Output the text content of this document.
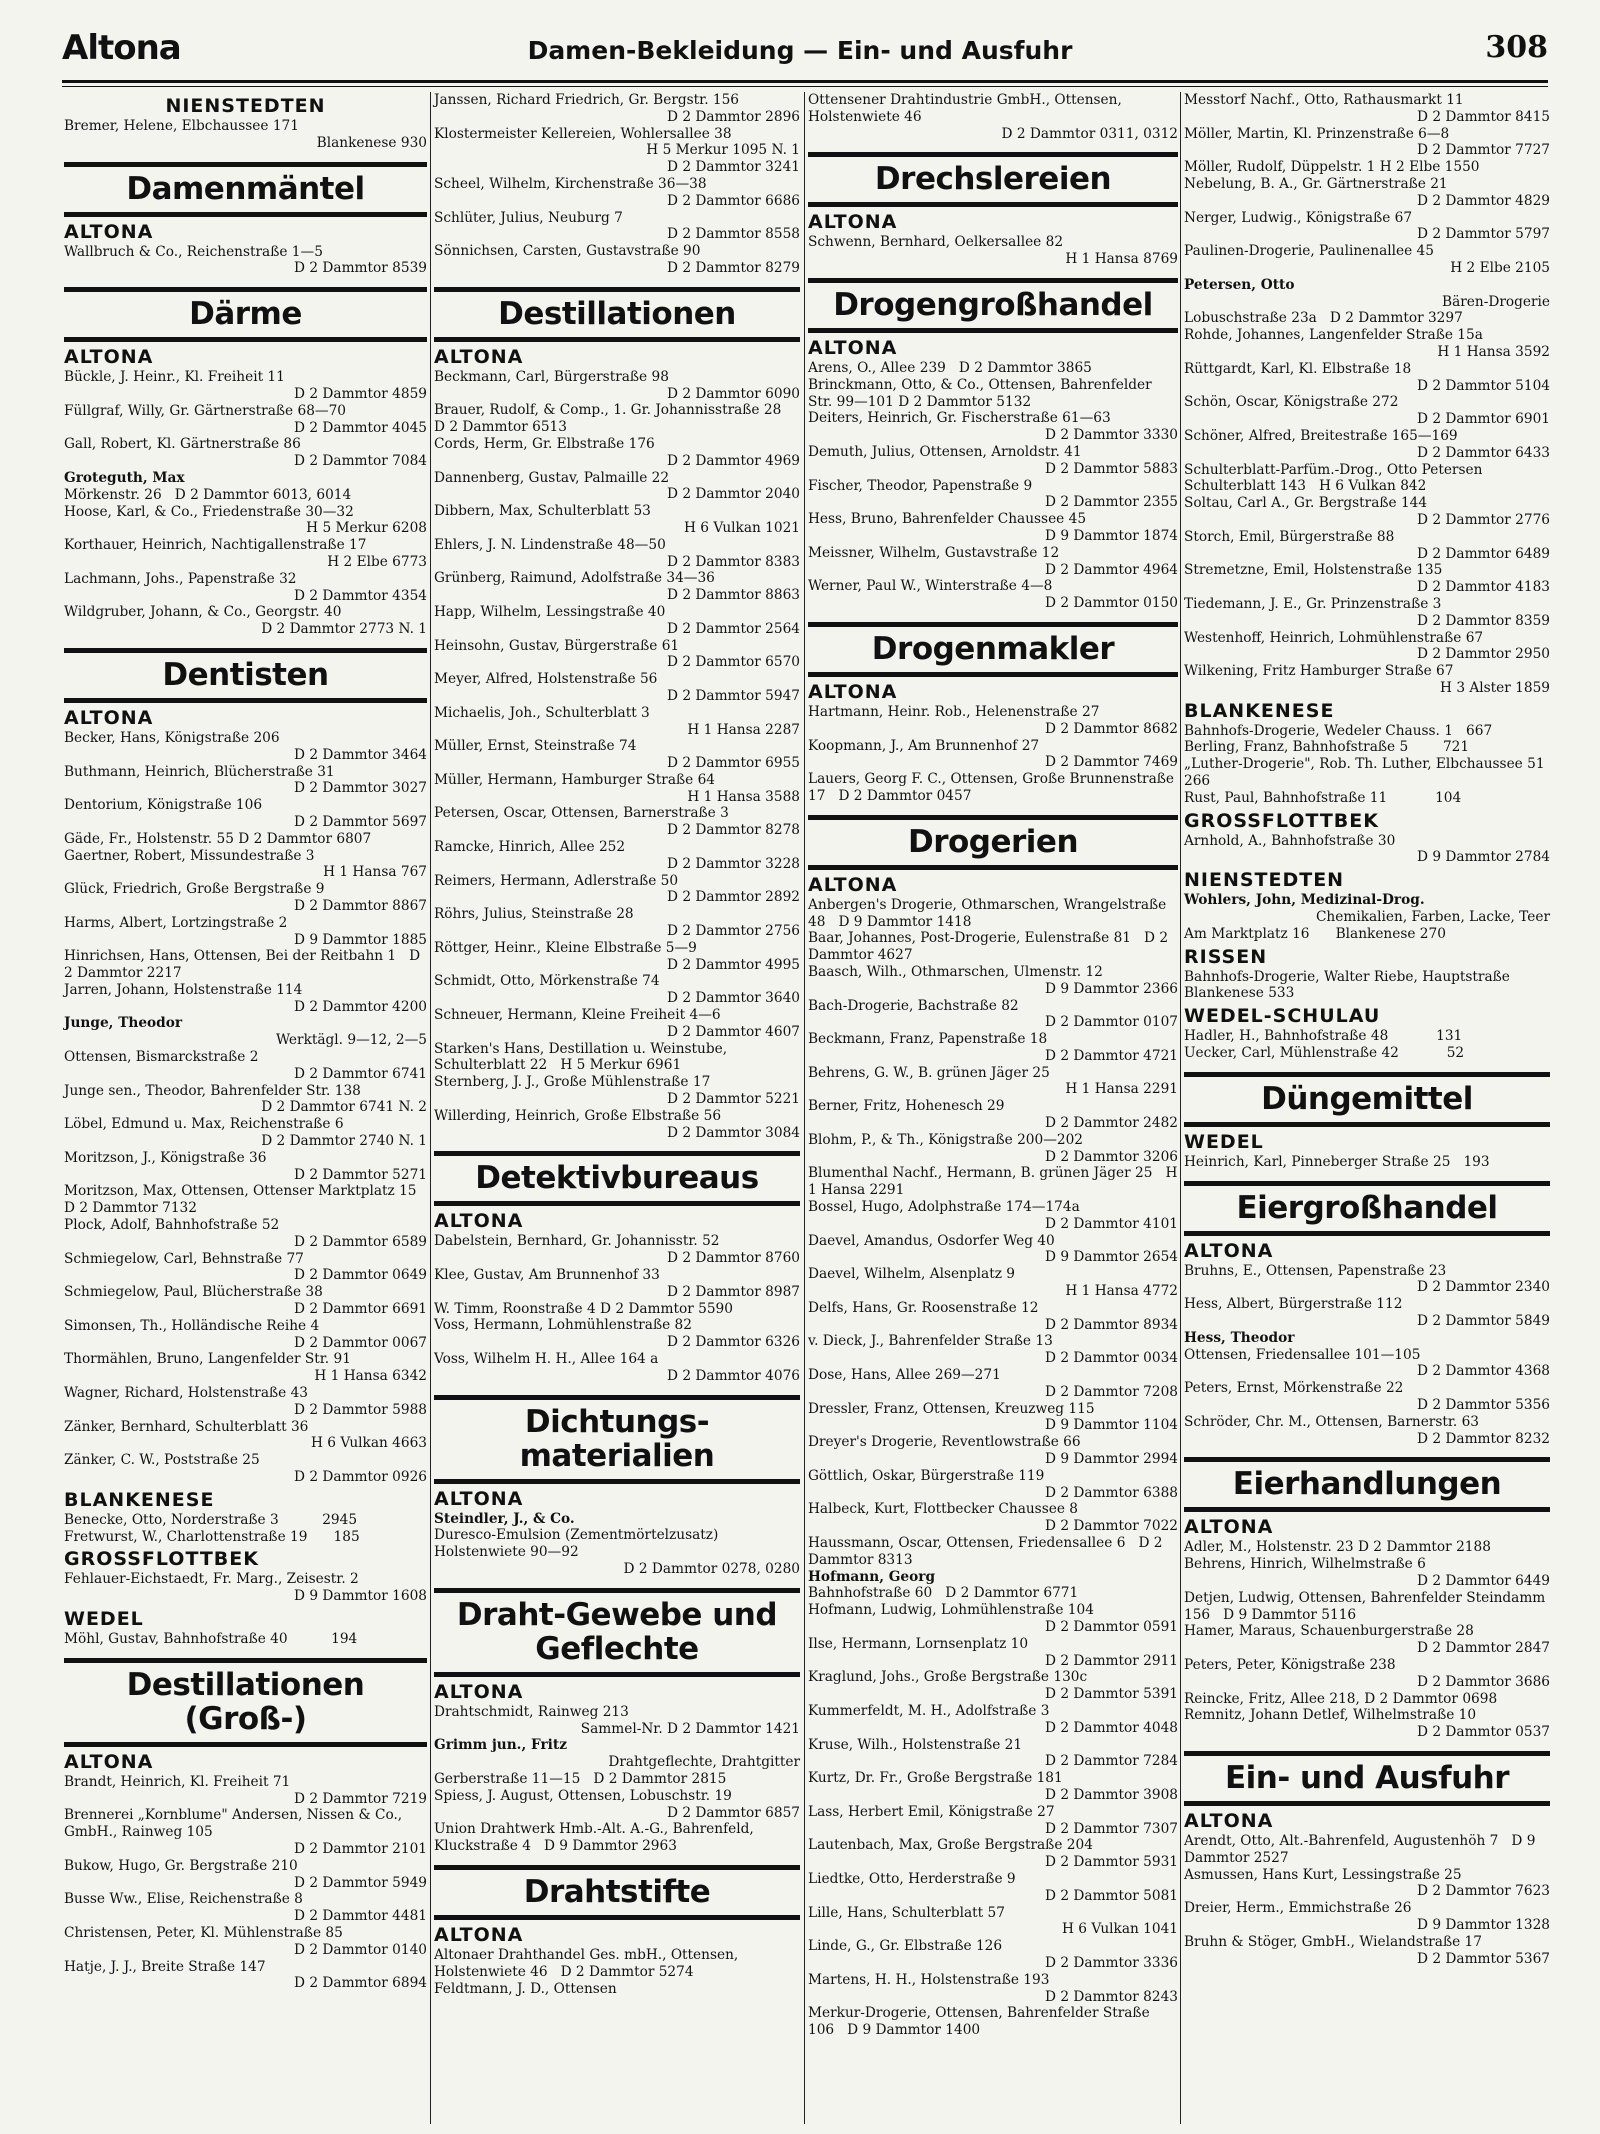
Altona	Damen-Bekleidung — Ein- und Ausfuhr	308
NIENSTEDTEN
Bremer, Helene, Elbchaussee 171
Blankenese 930
Damenmäntel
ALTONA
Wallbruch & Co., Reichenstraße 1—5
D 2 Dammtor 8539
Därme
ALTONA
Bückle, J. Heinr., Kl. Freiheit 11
D 2 Dammtor 4859
Füllgraf, Willy, Gr. Gärtnerstraße 68—70
D 2 Dammtor 4045
Gall, Robert, Kl. Gärtnerstraße 86
D 2 Dammtor 7084
Groteguth, Max
Mörkenstr. 26   D 2 Dammtor 6013, 6014
Hoose, Karl, & Co., Friedenstraße 30—32
H 5 Merkur 6208
Korthauer, Heinrich, Nachtigallenstraße 17
H 2 Elbe 6773
Lachmann, Johs., Papenstraße 32
D 2 Dammtor 4354
Wildgruber, Johann, & Co., Georgstr. 40
D 2 Dammtor 2773 N. 1
Dentisten
ALTONA
Becker, Hans, Königstraße 206
D 2 Dammtor 3464
Buthmann, Heinrich, Blücherstraße 31
D 2 Dammtor 3027
Dentorium, Königstraße 106
D 2 Dammtor 5697
Gäde, Fr., Holstenstr. 55 D 2 Dammtor 6807
Gaertner, Robert, Missundestraße 3
H 1 Hansa 767
Glück, Friedrich, Große Bergstraße 9
D 2 Dammtor 8867
Harms, Albert, Lortzingstraße 2
D 9 Dammtor 1885
Hinrichsen, Hans, Ottensen, Bei der Reitbahn 1   D 2 Dammtor 2217
Jarren, Johann, Holstenstraße 114
D 2 Dammtor 4200
Junge, Theodor
Werktägl. 9—12, 2—5
Ottensen, Bismarckstraße 2
D 2 Dammtor 6741
Junge sen., Theodor, Bahrenfelder Str. 138
D 2 Dammtor 6741 N. 2
Löbel, Edmund u. Max, Reichenstraße 6
D 2 Dammtor 2740 N. 1
Moritzson, J., Königstraße 36
D 2 Dammtor 5271
Moritzson, Max, Ottensen, Ottenser Marktplatz 15   D 2 Dammtor 7132
Plock, Adolf, Bahnhofstraße 52
D 2 Dammtor 6589
Schmiegelow, Carl, Behnstraße 77
D 2 Dammtor 0649
Schmiegelow, Paul, Blücherstraße 38
D 2 Dammtor 6691
Simonsen, Th., Holländische Reihe 4
D 2 Dammtor 0067
Thormählen, Bruno, Langenfelder Str. 91
H 1 Hansa 6342
Wagner, Richard, Holstenstraße 43
D 2 Dammtor 5988
Zänker, Bernhard, Schulterblatt 36
H 6 Vulkan 4663
Zänker, C. W., Poststraße 25
D 2 Dammtor 0926
BLANKENESE
Benecke, Otto, Norderstraße 3          2945
Fretwurst, W., Charlottenstraße 19      185
GROSSFLOTTBEK
Fehlauer-Eichstaedt, Fr. Marg., Zeisestr. 2
D 9 Dammtor 1608
WEDEL
Möhl, Gustav, Bahnhofstraße 40          194
Destillationen (Groß-)
ALTONA
Brandt, Heinrich, Kl. Freiheit 71
D 2 Dammtor 7219
Brennerei „Kornblume" Andersen, Nissen & Co., GmbH., Rainweg 105
D 2 Dammtor 2101
Bukow, Hugo, Gr. Bergstraße 210
D 2 Dammtor 5949
Busse Ww., Elise, Reichenstraße 8
D 2 Dammtor 4481
Christensen, Peter, Kl. Mühlenstraße 85
D 2 Dammtor 0140
Hatje, J. J., Breite Straße 147
D 2 Dammtor 6894
Janssen, Richard Friedrich, Gr. Bergstr. 156
D 2 Dammtor 2896
Klostermeister Kellereien, Wohlersallee 38
H 5 Merkur 1095 N. 1
D 2 Dammtor 3241
Scheel, Wilhelm, Kirchenstraße 36—38
D 2 Dammtor 6686
Schlüter, Julius, Neuburg 7
D 2 Dammtor 8558
Sönnichsen, Carsten, Gustavstraße 90
D 2 Dammtor 8279
Destillationen
ALTONA
Beckmann, Carl, Bürgerstraße 98
D 2 Dammtor 6090
Brauer, Rudolf, & Comp., 1. Gr. Johannisstraße 28   D 2 Dammtor 6513
Cords, Herm, Gr. Elbstraße 176
D 2 Dammtor 4969
Dannenberg, Gustav, Palmaille 22
D 2 Dammtor 2040
Dibbern, Max, Schulterblatt 53
H 6 Vulkan 1021
Ehlers, J. N. Lindenstraße 48—50
D 2 Dammtor 8383
Grünberg, Raimund, Adolfstraße 34—36
D 2 Dammtor 8863
Happ, Wilhelm, Lessingstraße 40
D 2 Dammtor 2564
Heinsohn, Gustav, Bürgerstraße 61
D 2 Dammtor 6570
Meyer, Alfred, Holstenstraße 56
D 2 Dammtor 5947
Michaelis, Joh., Schulterblatt 3
H 1 Hansa 2287
Müller, Ernst, Steinstraße 74
D 2 Dammtor 6955
Müller, Hermann, Hamburger Straße 64
H 1 Hansa 3588
Petersen, Oscar, Ottensen, Barnerstraße 3
D 2 Dammtor 8278
Ramcke, Hinrich, Allee 252
D 2 Dammtor 3228
Reimers, Hermann, Adlerstraße 50
D 2 Dammtor 2892
Röhrs, Julius, Steinstraße 28
D 2 Dammtor 2756
Röttger, Heinr., Kleine Elbstraße 5—9
D 2 Dammtor 4995
Schmidt, Otto, Mörkenstraße 74
D 2 Dammtor 3640
Schneuer, Hermann, Kleine Freiheit 4—6
D 2 Dammtor 4607
Starken's Hans, Destillation u. Weinstube, Schulterblatt 22   H 5 Merkur 6961
Sternberg, J. J., Große Mühlenstraße 17
D 2 Dammtor 5221
Willerding, Heinrich, Große Elbstraße 56
D 2 Dammtor 3084
Detektivbureaus
ALTONA
Dabelstein, Bernhard, Gr. Johannisstr. 52
D 2 Dammtor 8760
Klee, Gustav, Am Brunnenhof 33
D 2 Dammtor 8987
W. Timm, Roonstraße 4 D 2 Dammtor 5590
Voss, Hermann, Lohmühlenstraße 82
D 2 Dammtor 6326
Voss, Wilhelm H. H., Allee 164 a
D 2 Dammtor 4076
Dichtungs- materialien
ALTONA
Steindler, J., & Co.
Duresco-Emulsion (Zementmörtelzusatz) Holstenwiete 90—92
D 2 Dammtor 0278, 0280
Draht-Gewebe und Geflechte
ALTONA
Drahtschmidt, Rainweg 213
Sammel-Nr. D 2 Dammtor 1421
Grimm jun., Fritz
Drahtgeflechte, Drahtgitter
Gerberstraße 11—15   D 2 Dammtor 2815
Spiess, J. August, Ottensen, Lobuschstr. 19
D 2 Dammtor 6857
Union Drahtwerk Hmb.-Alt. A.-G., Bahrenfeld, Kluckstraße 4   D 9 Dammtor 2963
Drahtstifte
ALTONA
Altonaer Drahthandel Ges. mbH., Ottensen, Holstenwiete 46   D 2 Dammtor 5274
Feldtmann, J. D., Ottensen
Ottensener Drahtindustrie GmbH., Ottensen, Holstenwiete 46
D 2 Dammtor 0311, 0312
Drechslereien
ALTONA
Schwenn, Bernhard, Oelkersallee 82
H 1 Hansa 8769
Drogengroßhandel
ALTONA
Arens, O., Allee 239   D 2 Dammtor 3865
Brinckmann, Otto, & Co., Ottensen, Bahrenfelder Str. 99—101 D 2 Dammtor 5132
Deiters, Heinrich, Gr. Fischerstraße 61—63
D 2 Dammtor 3330
Demuth, Julius, Ottensen, Arnoldstr. 41
D 2 Dammtor 5883
Fischer, Theodor, Papenstraße 9
D 2 Dammtor 2355
Hess, Bruno, Bahrenfelder Chaussee 45
D 9 Dammtor 1874
Meissner, Wilhelm, Gustavstraße 12
D 2 Dammtor 4964
Werner, Paul W., Winterstraße 4—8
D 2 Dammtor 0150
Drogenmakler
ALTONA
Hartmann, Heinr. Rob., Helenenstraße 27
D 2 Dammtor 8682
Koopmann, J., Am Brunnenhof 27
D 2 Dammtor 7469
Lauers, Georg F. C., Ottensen, Große Brunnenstraße 17   D 2 Dammtor 0457
Drogerien
ALTONA
Anbergen's Drogerie, Othmarschen, Wrangelstraße 48   D 9 Dammtor 1418
Baar, Johannes, Post-Drogerie, Eulenstraße 81   D 2 Dammtor 4627
Baasch, Wilh., Othmarschen, Ulmenstr. 12
D 9 Dammtor 2366
Bach-Drogerie, Bachstraße 82
D 2 Dammtor 0107
Beckmann, Franz, Papenstraße 18
D 2 Dammtor 4721
Behrens, G. W., B. grünen Jäger 25
H 1 Hansa 2291
Berner, Fritz, Hohenesch 29
D 2 Dammtor 2482
Blohm, P., & Th., Königstraße 200—202
D 2 Dammtor 3206
Blumenthal Nachf., Hermann, B. grünen Jäger 25   H 1 Hansa 2291
Bossel, Hugo, Adolphstraße 174—174a
D 2 Dammtor 4101
Daevel, Amandus, Osdorfer Weg 40
D 9 Dammtor 2654
Daevel, Wilhelm, Alsenplatz 9
H 1 Hansa 4772
Delfs, Hans, Gr. Roosenstraße 12
D 2 Dammtor 8934
v. Dieck, J., Bahrenfelder Straße 13
D 2 Dammtor 0034
Dose, Hans, Allee 269—271
D 2 Dammtor 7208
Dressler, Franz, Ottensen, Kreuzweg 115
D 9 Dammtor 1104
Dreyer's Drogerie, Reventlowstraße 66
D 9 Dammtor 2994
Göttlich, Oskar, Bürgerstraße 119
D 2 Dammtor 6388
Halbeck, Kurt, Flottbecker Chaussee 8
D 2 Dammtor 7022
Haussmann, Oscar, Ottensen, Friedensallee 6   D 2 Dammtor 8313
Hofmann, Georg
Bahnhofstraße 60   D 2 Dammtor 6771
Hofmann, Ludwig, Lohmühlenstraße 104
D 2 Dammtor 0591
Ilse, Hermann, Lornsenplatz 10
D 2 Dammtor 2911
Kraglund, Johs., Große Bergstraße 130c
D 2 Dammtor 5391
Kummerfeldt, M. H., Adolfstraße 3
D 2 Dammtor 4048
Kruse, Wilh., Holstenstraße 21
D 2 Dammtor 7284
Kurtz, Dr. Fr., Große Bergstraße 181
D 2 Dammtor 3908
Lass, Herbert Emil, Königstraße 27
D 2 Dammtor 7307
Lautenbach, Max, Große Bergstraße 204
D 2 Dammtor 5931
Liedtke, Otto, Herderstraße 9
D 2 Dammtor 5081
Lille, Hans, Schulterblatt 57
H 6 Vulkan 1041
Linde, G., Gr. Elbstraße 126
D 2 Dammtor 3336
Martens, H. H., Holstenstraße 193
D 2 Dammtor 8243
Merkur-Drogerie, Ottensen, Bahrenfelder Straße 106   D 9 Dammtor 1400
Messtorf Nachf., Otto, Rathausmarkt 11
D 2 Dammtor 8415
Möller, Martin, Kl. Prinzenstraße 6—8
D 2 Dammtor 7727
Möller, Rudolf, Düppelstr. 1 H 2 Elbe 1550
Nebelung, B. A., Gr. Gärtnerstraße 21
D 2 Dammtor 4829
Nerger, Ludwig., Königstraße 67
D 2 Dammtor 5797
Paulinen-Drogerie, Paulinenallee 45
H 2 Elbe 2105
Petersen, Otto
Bären-Drogerie
Lobuschstraße 23a   D 2 Dammtor 3297
Rohde, Johannes, Langenfelder Straße 15a
H 1 Hansa 3592
Rüttgardt, Karl, Kl. Elbstraße 18
D 2 Dammtor 5104
Schön, Oscar, Königstraße 272
D 2 Dammtor 6901
Schöner, Alfred, Breitestraße 165—169
D 2 Dammtor 6433
Schulterblatt-Parfüm.-Drog., Otto Petersen Schulterblatt 143   H 6 Vulkan 842
Soltau, Carl A., Gr. Bergstraße 144
D 2 Dammtor 2776
Storch, Emil, Bürgerstraße 88
D 2 Dammtor 6489
Stremetzne, Emil, Holstenstraße 135
D 2 Dammtor 4183
Tiedemann, J. E., Gr. Prinzenstraße 3
D 2 Dammtor 8359
Westenhoff, Heinrich, Lohmühlenstraße 67
D 2 Dammtor 2950
Wilkening, Fritz Hamburger Straße 67
H 3 Alster 1859
BLANKENESE
Bahnhofs-Drogerie, Wedeler Chauss. 1   667
Berling, Franz, Bahnhofstraße 5        721
„Luther-Drogerie", Rob. Th. Luther, Elbchaussee 51        266
Rust, Paul, Bahnhofstraße 11           104
GROSSFLOTTBEK
Arnhold, A., Bahnhofstraße 30
D 9 Dammtor 2784
NIENSTEDTEN
Wohlers, John, Medizinal-Drog.
Chemikalien, Farben, Lacke, Teer
Am Marktplatz 16      Blankenese 270
RISSEN
Bahnhofs-Drogerie, Walter Riebe, Hauptstraße       Blankenese 533
WEDEL-SCHULAU
Hadler, H., Bahnhofstraße 48           131
Uecker, Carl, Mühlenstraße 42           52
Düngemittel
WEDEL
Heinrich, Karl, Pinneberger Straße 25   193
Eiergroßhandel
ALTONA
Bruhns, E., Ottensen, Papenstraße 23
D 2 Dammtor 2340
Hess, Albert, Bürgerstraße 112
D 2 Dammtor 5849
Hess, Theodor
Ottensen, Friedensallee 101—105
D 2 Dammtor 4368
Peters, Ernst, Mörkenstraße 22
D 2 Dammtor 5356
Schröder, Chr. M., Ottensen, Barnerstr. 63
D 2 Dammtor 8232
Eierhandlungen
ALTONA
Adler, M., Holstenstr. 23 D 2 Dammtor 2188
Behrens, Hinrich, Wilhelmstraße 6
D 2 Dammtor 6449
Detjen, Ludwig, Ottensen, Bahrenfelder Steindamm 156   D 9 Dammtor 5116
Hamer, Maraus, Schauenburgerstraße 28
D 2 Dammtor 2847
Peters, Peter, Königstraße 238
D 2 Dammtor 3686
Reincke, Fritz, Allee 218, D 2 Dammtor 0698
Remnitz, Johann Detlef, Wilhelmstraße 10
D 2 Dammtor 0537
Ein- und Ausfuhr
ALTONA
Arendt, Otto, Alt.-Bahrenfeld, Augustenhöh 7   D 9 Dammtor 2527
Asmussen, Hans Kurt, Lessingstraße 25
D 2 Dammtor 7623
Dreier, Herm., Emmichstraße 26
D 9 Dammtor 1328
Bruhn & Stöger, GmbH., Wielandstraße 17
D 2 Dammtor 5367
